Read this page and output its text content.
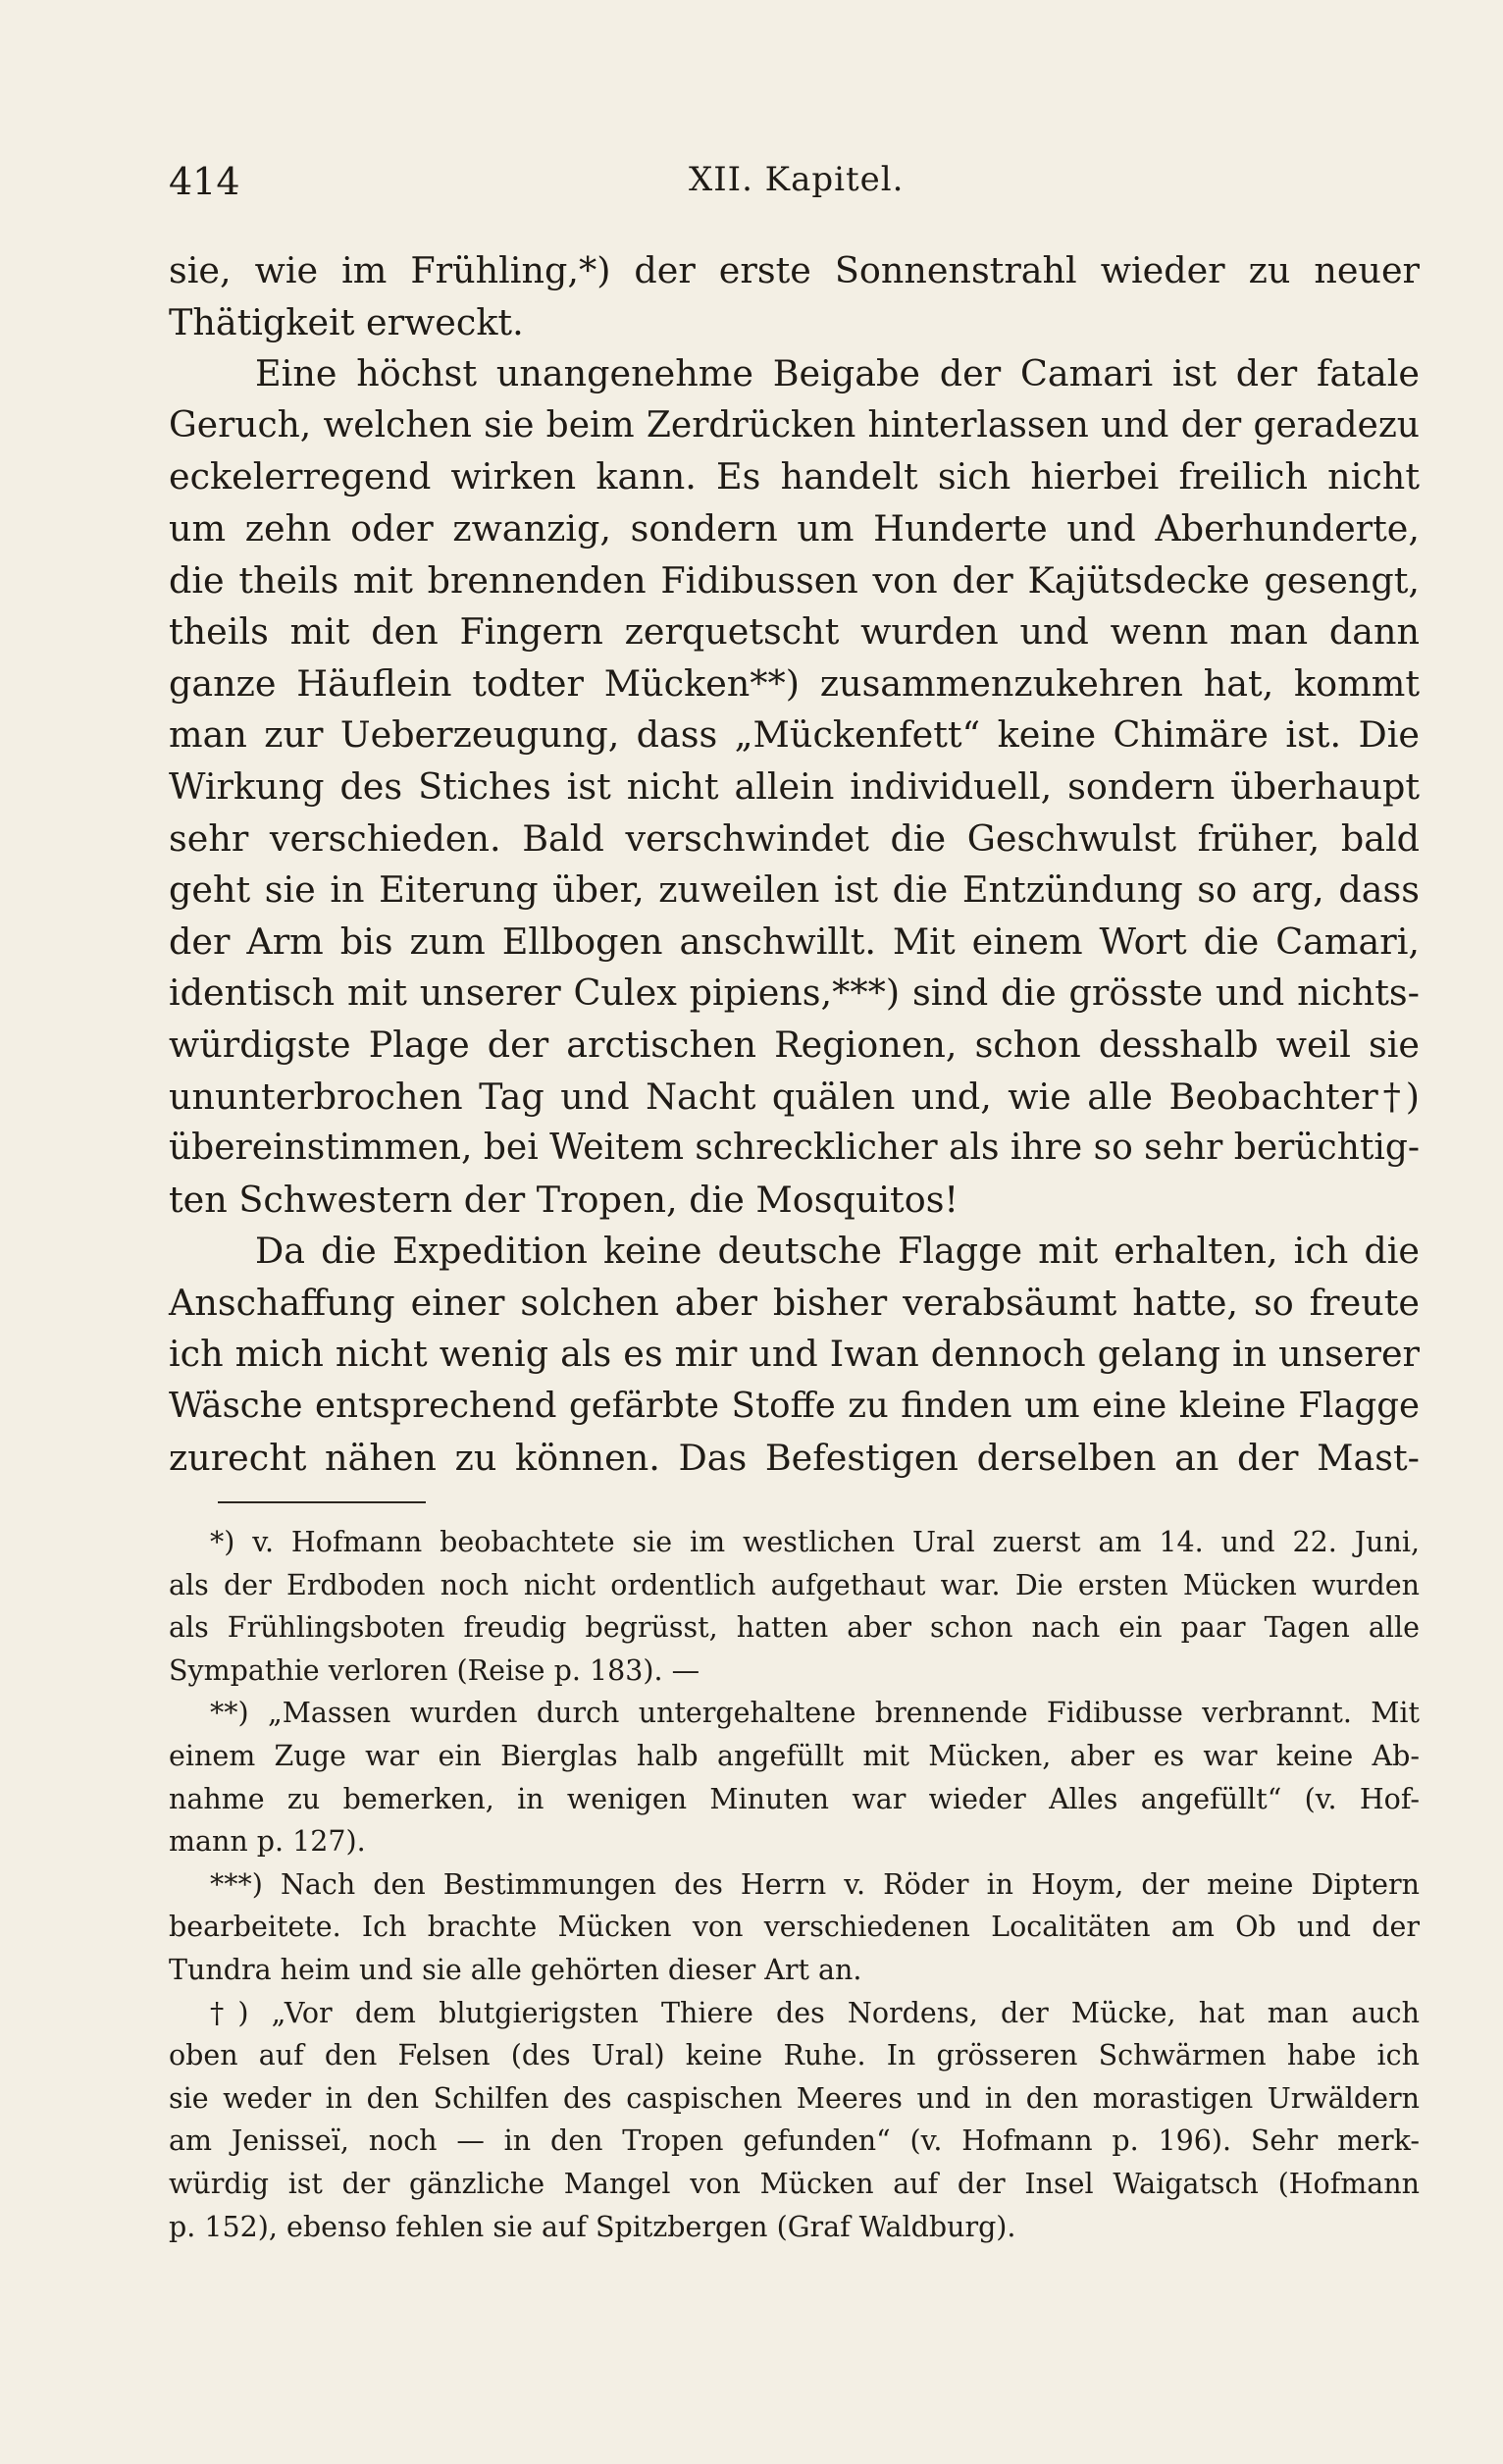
414	XII. Kapitel.
sie, wie im Frühling,*) der erste Sonnenstrahl wieder zu neuer
Thätigkeit erweckt.
Eine höchst unangenehme Beigabe der Camari ist der fatale
Geruch, welchen sie beim Zerdrücken hinterlassen und der geradezu
eckelerregend wirken kann. Es handelt sich hierbei freilich nicht
um zehn oder zwanzig, sondern um Hunderte und Aberhunderte,
die theils mit brennenden Fidibussen von der Kajütsdecke gesengt,
theils mit den Fingern zerquetscht wurden und wenn man dann
ganze Häuflein todter Mücken**) zusammenzukehren hat, kommt
man zur Ueberzeugung, dass „Mückenfett“ keine Chimäre ist. Die
Wirkung des Stiches ist nicht allein individuell, sondern überhaupt
sehr verschieden. Bald verschwindet die Geschwulst früher, bald
geht sie in Eiterung über, zuweilen ist die Entzündung so arg, dass
der Arm bis zum Ellbogen anschwillt. Mit einem Wort die Camari,
identisch mit unserer Culex pipiens,***) sind die grösste und nichts-
würdigste Plage der arctischen Regionen, schon desshalb weil sie
ununterbrochen Tag und Nacht quälen und, wie alle Beobachter†)
übereinstimmen, bei Weitem schrecklicher als ihre so sehr berüchtig-
ten Schwestern der Tropen, die Mosquitos!
Da die Expedition keine deutsche Flagge mit erhalten, ich die
Anschaffung einer solchen aber bisher verabsäumt hatte, so freute
ich mich nicht wenig als es mir und Iwan dennoch gelang in unserer
Wäsche entsprechend gefärbte Stoffe zu finden um eine kleine Flagge
zurecht nähen zu können. Das Befestigen derselben an der Mast-
*) v. Hofmann beobachtete sie im westlichen Ural zuerst am 14. und 22. Juni,
als der Erdboden noch nicht ordentlich aufgethaut war. Die ersten Mücken wurden
als Frühlingsboten freudig begrüsst, hatten aber schon nach ein paar Tagen alle
Sympathie verloren (Reise p. 183). —
**) „Massen wurden durch untergehaltene brennende Fidibusse verbrannt. Mit
einem Zuge war ein Bierglas halb angefüllt mit Mücken, aber es war keine Ab-
nahme zu bemerken, in wenigen Minuten war wieder Alles angefüllt“ (v. Hof-
mann p. 127).
***) Nach den Bestimmungen des Herrn v. Röder in Hoym, der meine Diptern
bearbeitete. Ich brachte Mücken von verschiedenen Localitäten am Ob und der
Tundra heim und sie alle gehörten dieser Art an.
†) „Vor dem blutgierigsten Thiere des Nordens, der Mücke, hat man auch
oben auf den Felsen (des Ural) keine Ruhe. In grösseren Schwärmen habe ich
sie weder in den Schilfen des caspischen Meeres und in den morastigen Urwäldern
am Jenisseï, noch — in den Tropen gefunden“ (v. Hofmann p. 196). Sehr merk-
würdig ist der gänzliche Mangel von Mücken auf der Insel Waigatsch (Hofmann
p. 152), ebenso fehlen sie auf Spitzbergen (Graf Waldburg).
